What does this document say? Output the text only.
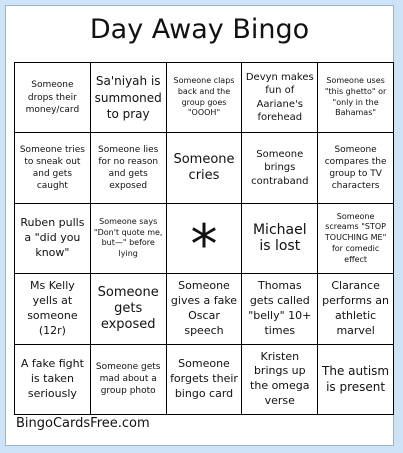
Day Away Bingo
Someone drops their money/card
Sa'niyah is summoned to pray
Someone claps back and the group goes "OOOH"
Devyn makes fun of Aariane's forehead
Someone uses "this ghetto" or "only in the Bahamas"
Someone tries to sneak out and gets caught
Someone lies for no reason and gets exposed
Someone cries
Someone brings contraband
Someone compares the group to TV characters
Ruben pulls a "did you know"
Someone says "Don't quote me, but—" before lying *	Michael is lost
Someone screams "STOP TOUCHING ME" for comedic effect
Ms Kelly yells at someone (12r)
Someone gets exposed
Someone gives a fake Oscar speech
Thomas gets called "belly" 10+ times
Clarance performs an athletic marvel
A fake fight is taken seriously
Someone gets mad about a group photo
Someone forgets their bingo card
Kristen brings up the omega verse
The autism is present
BingoCardsFree.com
